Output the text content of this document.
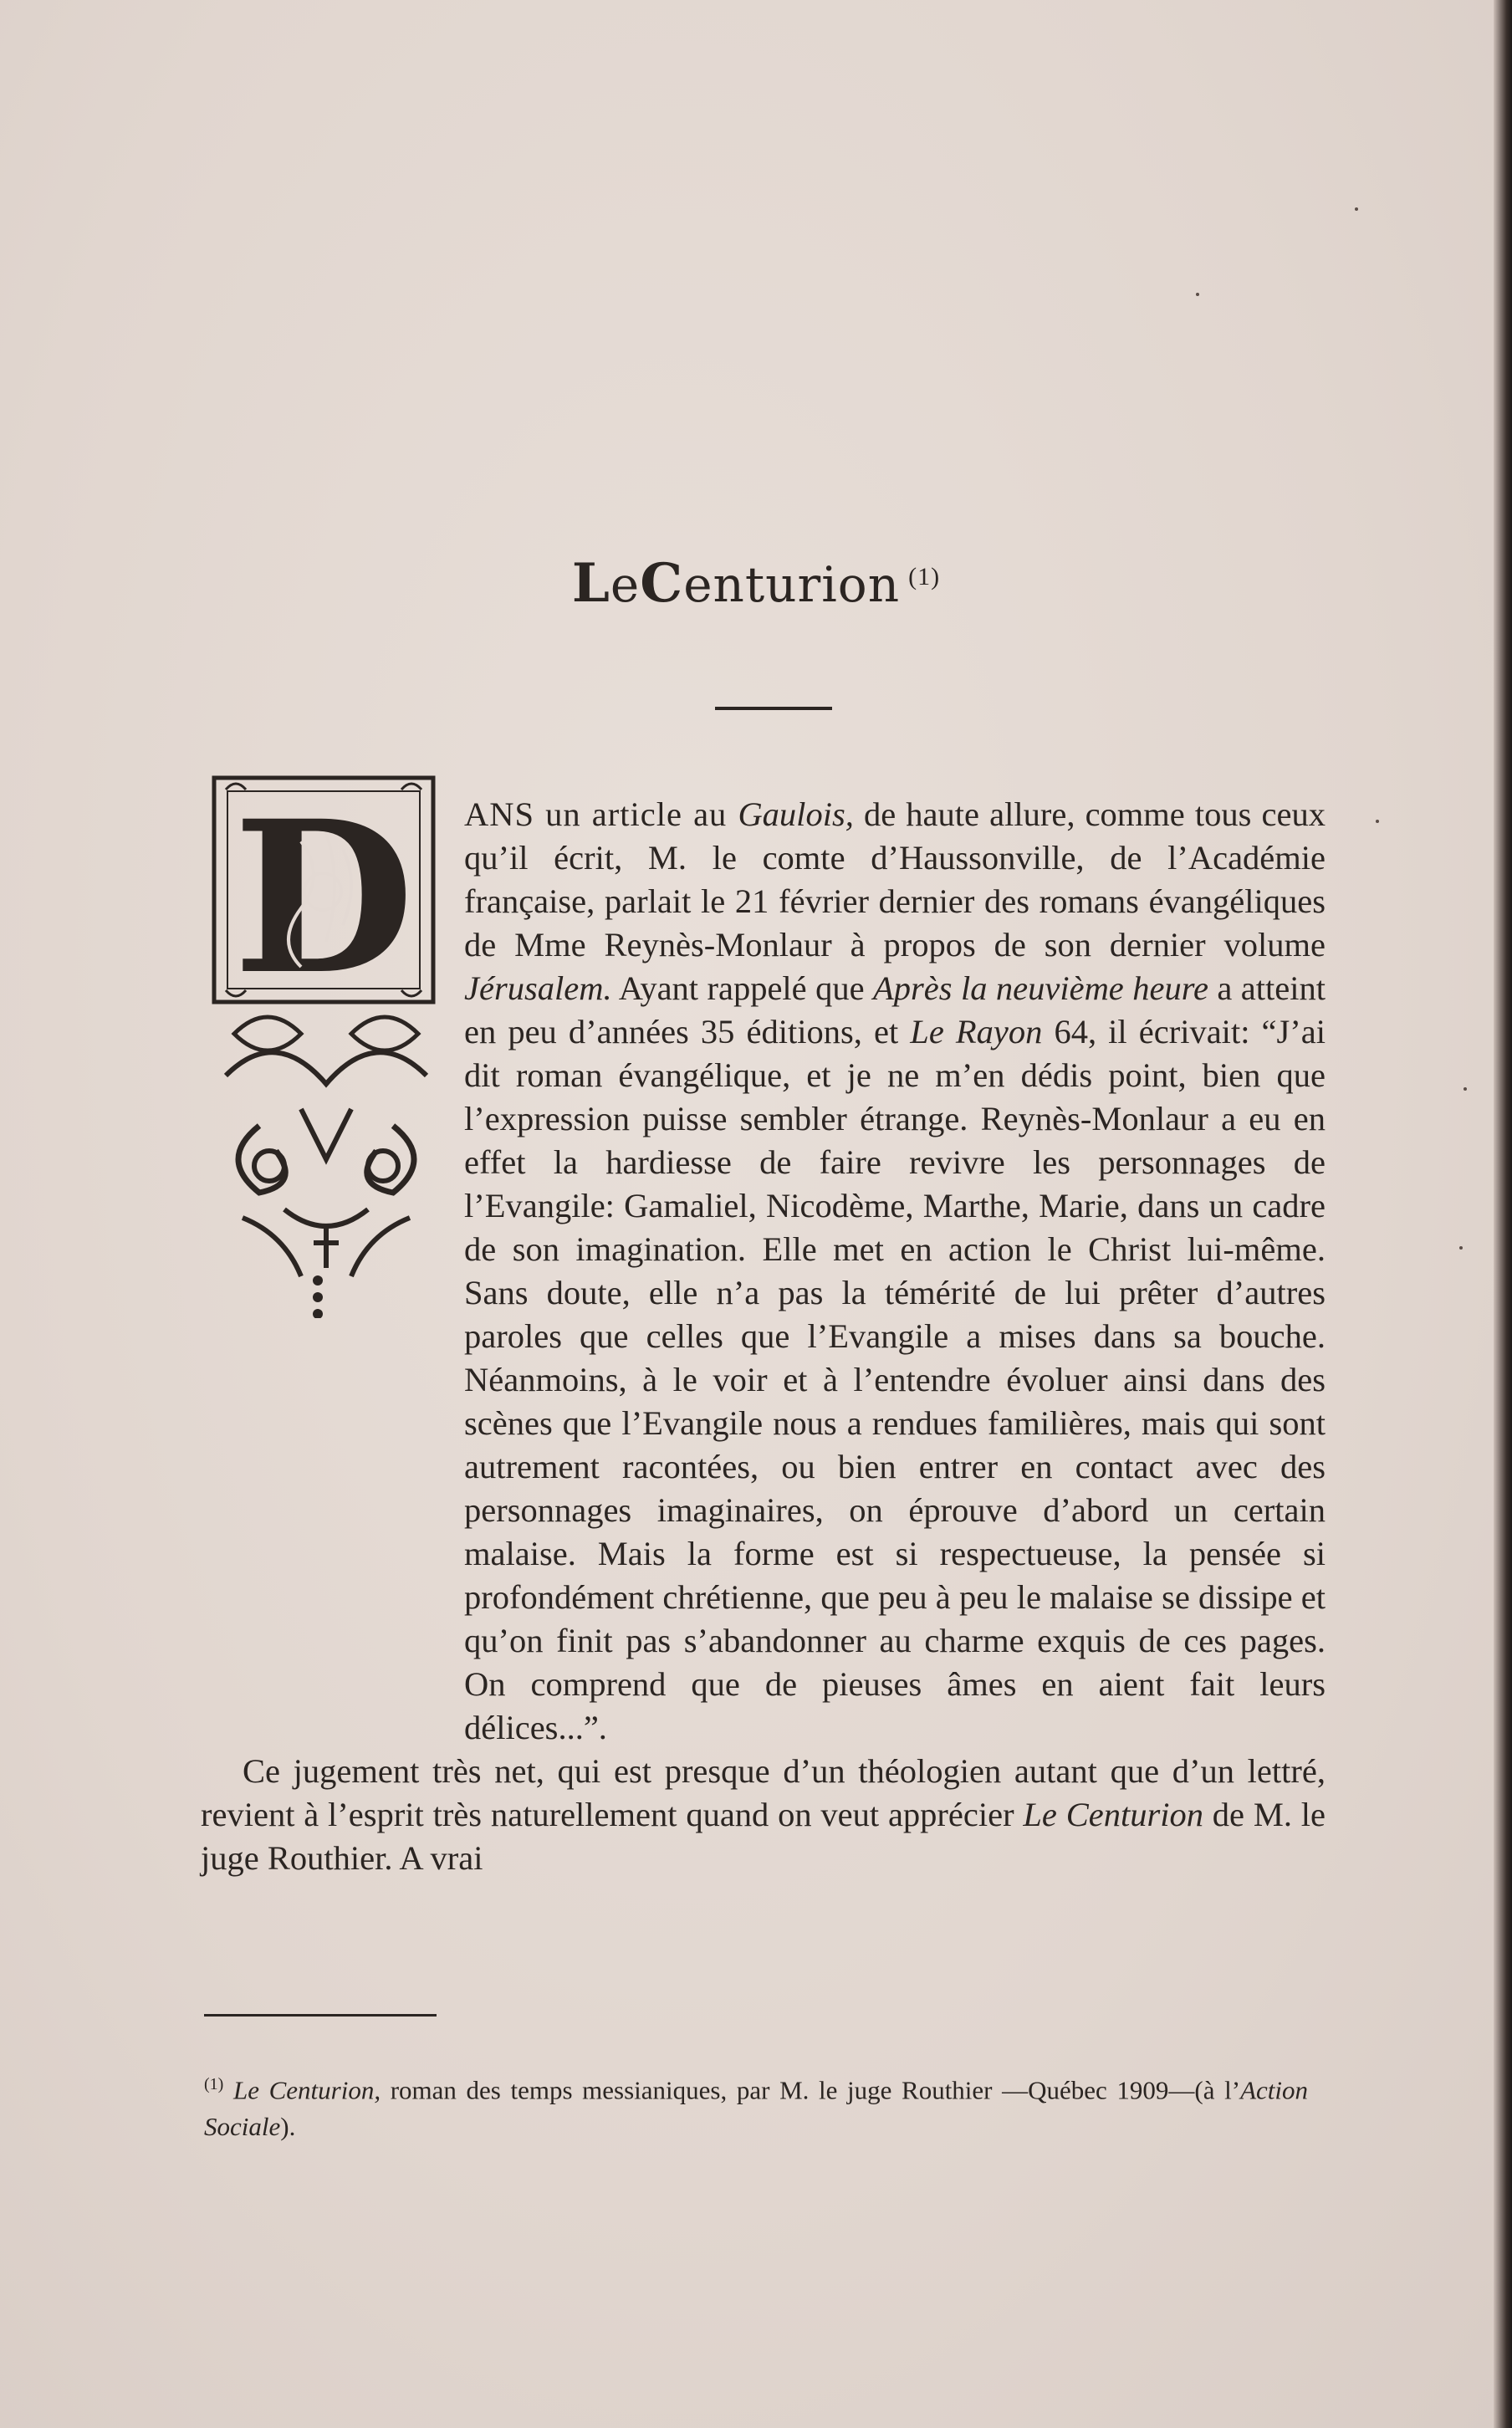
LeCenturion $^{(1)}$
D	ANS un article au Gaulois, de haute allure, comme tous ceux qu’il écrit, M. le comte d’Haussonville, de l’Académie française, parlait le 21 février dernier des romans évangéliques de Mme Reynès-Monlaur à propos de son dernier volume Jérusalem. Ayant rappelé que Après la neuvième heure a atteint en peu d’années 35 éditions, et Le Rayon 64, il écrivait: “J’ai dit roman évangélique, et je ne m’en dédis point, bien que l’expression puisse sembler étrange. Reynès-Monlaur a eu en effet la hardiesse de faire revivre les personnages de l’Evangile: Gamaliel, Nicodème, Marthe, Marie, dans un cadre de son imagination. Elle met en action le Christ lui-même. Sans doute, elle n’a pas la témérité de lui prêter d’autres paroles que celles que l’Evangile a mises dans sa bouche. Néanmoins, à le voir et à l’entendre évoluer ainsi dans des scènes que l’Evangile nous a rendues familières, mais qui sont autrement racontées, ou bien entrer en contact avec des personnages imaginaires, on éprouve d’abord un certain malaise. Mais la forme est si respectueuse, la pensée si profondément chrétienne, que peu à peu le malaise se dissipe et qu’on finit pas s’abandonner au charme exquis de ces pages. On comprend que de pieuses âmes en aient fait leurs délices...”.

Ce jugement très net, qui est presque d’un théologien autant que d’un lettré, revient à l’esprit très naturellement quand on veut apprécier Le Centurion de M. le juge Routhier. A vrai

$^{(1)}$ Le Centurion, roman des temps messianiques, par M. le juge Routhier —Québec 1909—(à l’Action Sociale).
